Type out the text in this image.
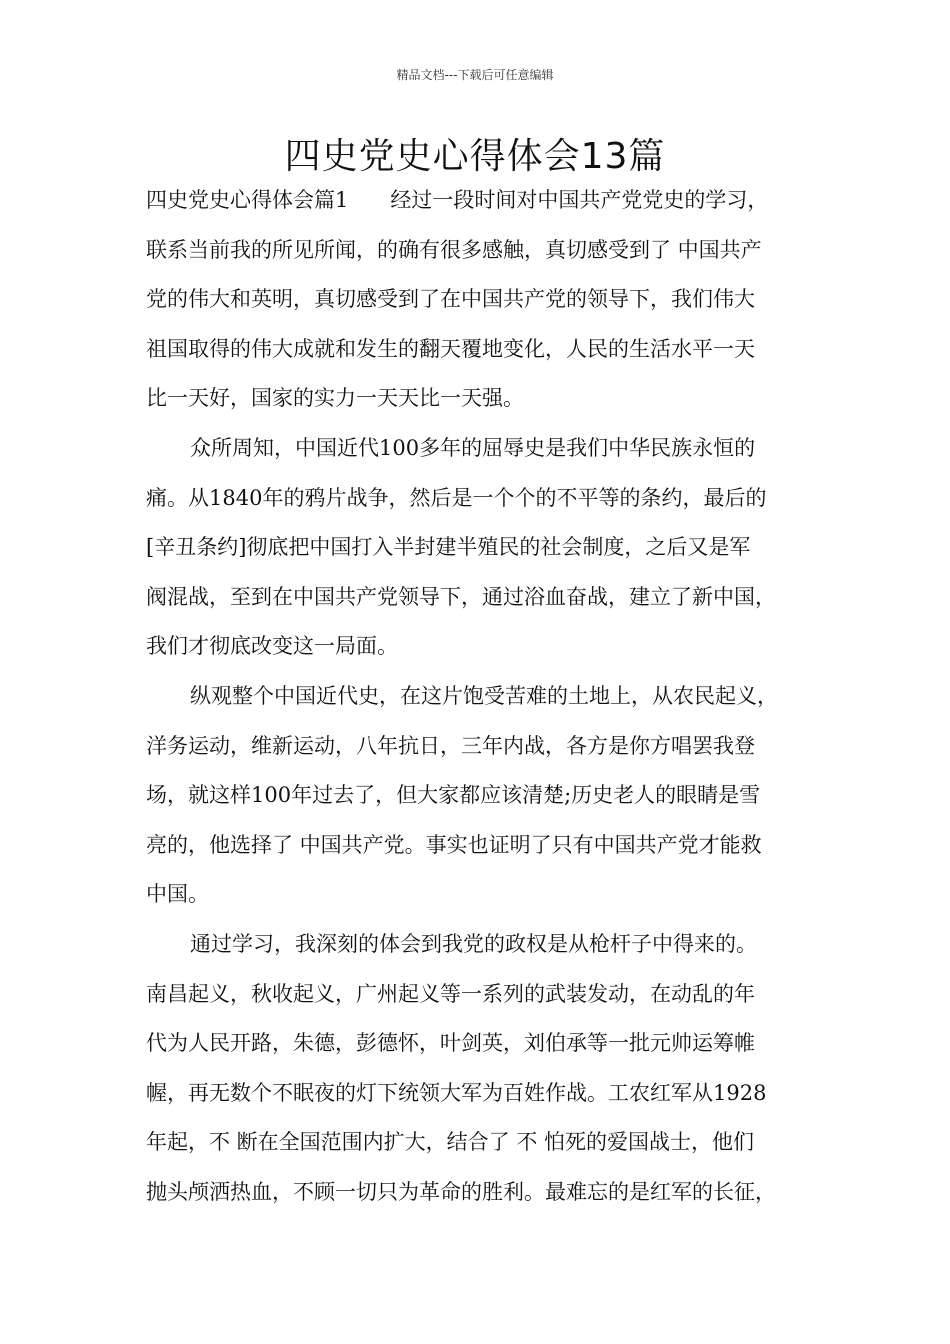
精品文档---下载后可任意编辑
四史党史心得体会13篇
四史党史心得体会篇1　　经过一段时间对中国共产党党史的学习，
联系当前我的所见所闻，的确有很多感触，真切感受到了 中国共产
党的伟大和英明，真切感受到了在中国共产党的领导下，我们伟大
祖国取得的伟大成就和发生的翻天覆地变化，人民的生活水平一天
比一天好，国家的实力一天天比一天强。
众所周知，中国近代100多年的屈辱史是我们中华民族永恒的
痛。从1840年的鸦片战争，然后是一个个的不平等的条约，最后的
[辛丑条约]彻底把中国打入半封建半殖民的社会制度，之后又是军
阀混战，至到在中国共产党领导下，通过浴血奋战，建立了新中国，
我们才彻底改变这一局面。
纵观整个中国近代史，在这片饱受苦难的土地上，从农民起义，
洋务运动，维新运动，八年抗日，三年内战，各方是你方唱罢我登
场，就这样100年过去了，但大家都应该清楚;历史老人的眼睛是雪
亮的，他选择了 中国共产党。事实也证明了只有中国共产党才能救
中国。
通过学习，我深刻的体会到我党的政权是从枪杆子中得来的。
南昌起义，秋收起义，广州起义等一系列的武装发动，在动乱的年
代为人民开路，朱德，彭德怀，叶剑英，刘伯承等一批元帅运筹帷
幄，再无数个不眠夜的灯下统领大军为百姓作战。工农红军从1928
年起，不 断在全国范围内扩大，结合了 不 怕死的爱国战士，他们
抛头颅洒热血，不顾一切只为革命的胜利。最难忘的是红军的长征，
